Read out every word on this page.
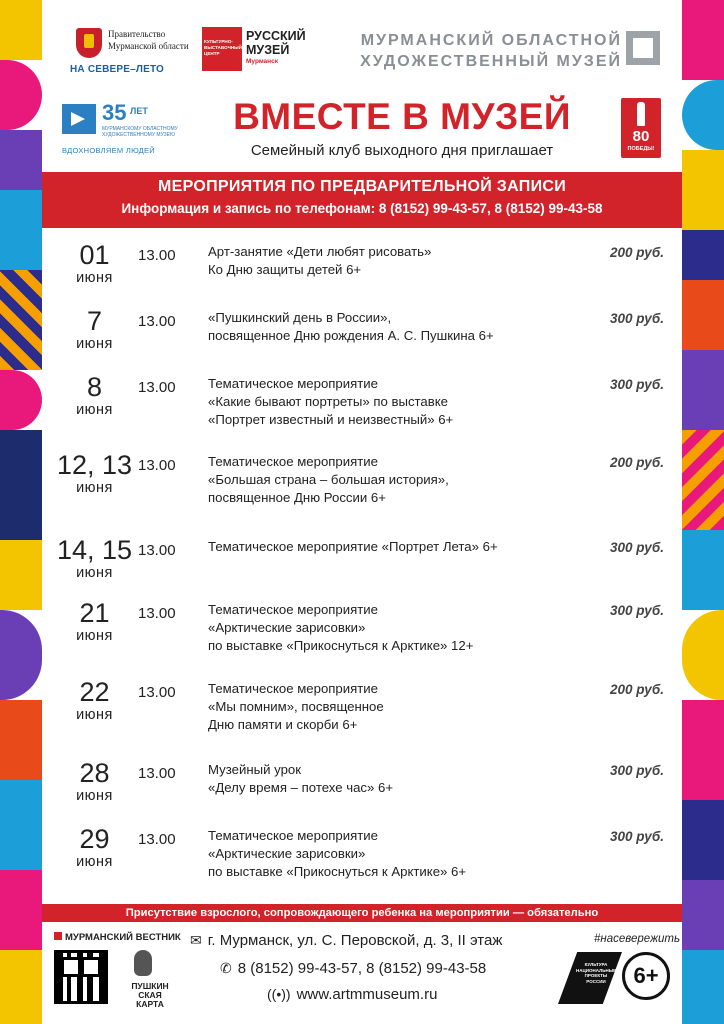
Правительство
Мурманской области
НА СЕВЕРЕ–ЛЕТО
КУЛЬТУРНО-ВЫСТАВОЧНЫЙ ЦЕНТР
РУССКИЙ
МУЗЕЙ
Мурманск
МУРМАНСКИЙ ОБЛАСТНОЙ
ХУДОЖЕСТВЕННЫЙ МУЗЕЙ
35 ЛЕТ
МУРМАНСКОМУ ОБЛАСТНОМУ ХУДОЖЕСТВЕННОМУ МУЗЕЮ
ВДОХНОВЛЯЕМ ЛЮДЕЙ
ВМЕСТЕ В МУЗЕЙ
Семейный клуб выходного дня приглашает
80
ПОБЕДЫ!
МЕРОПРИЯТИЯ ПО ПРЕДВАРИТЕЛЬНОЙ ЗАПИСИ
Информация и запись по телефонам: 8 (8152) 99-43-57, 8 (8152) 99-43-58
01
июня
13.00 Арт-занятие «Дети любят рисовать»
Ко Дню защиты детей 6+
200 руб.
7
июня
13.00 «Пушкинский день в России»,
посвященное Дню рождения А. С. Пушкина 6+
300 руб.
8
июня
13.00 Тематическое мероприятие
«Какие бывают портреты» по выставке
«Портрет известный и неизвестный» 6+
300 руб.
12, 13
июня
13.00 Тематическое мероприятие
«Большая страна – большая история»,
посвященное Дню России 6+
200 руб.
14, 15
июня
13.00 Тематическое мероприятие «Портрет Лета» 6+	300 руб.
21
июня
13.00 Тематическое мероприятие
«Арктические зарисовки»
по выставке «Прикоснуться к Арктике» 12+
300 руб.
22
июня
13.00 Тематическое мероприятие
«Мы помним», посвященное
Дню памяти и скорби 6+
200 руб.
28
июня
13.00 Музейный урок
«Делу время – потехе час» 6+
300 руб.
29
июня
13.00 Тематическое мероприятие
«Арктические зарисовки»
по выставке «Прикоснуться к Арктике» 6+
300 руб.
Присутствие взрослого, сопровождающего ребенка на мероприятии — обязательно
МУРМАНСКИЙ ВЕСТНИК
ПУШКИН
СКАЯ
КАРТА
✉ г. Мурманск, ул. С. Перовской, д. 3, II этаж
✆ 8 (8152) 99-43-57, 8 (8152) 99-43-58
((•)) www.artmmuseum.ru
#насевережить
КУЛЬТУРА НАЦИОНАЛЬНЫЕ ПРОЕКТЫ РОССИИ	6+
